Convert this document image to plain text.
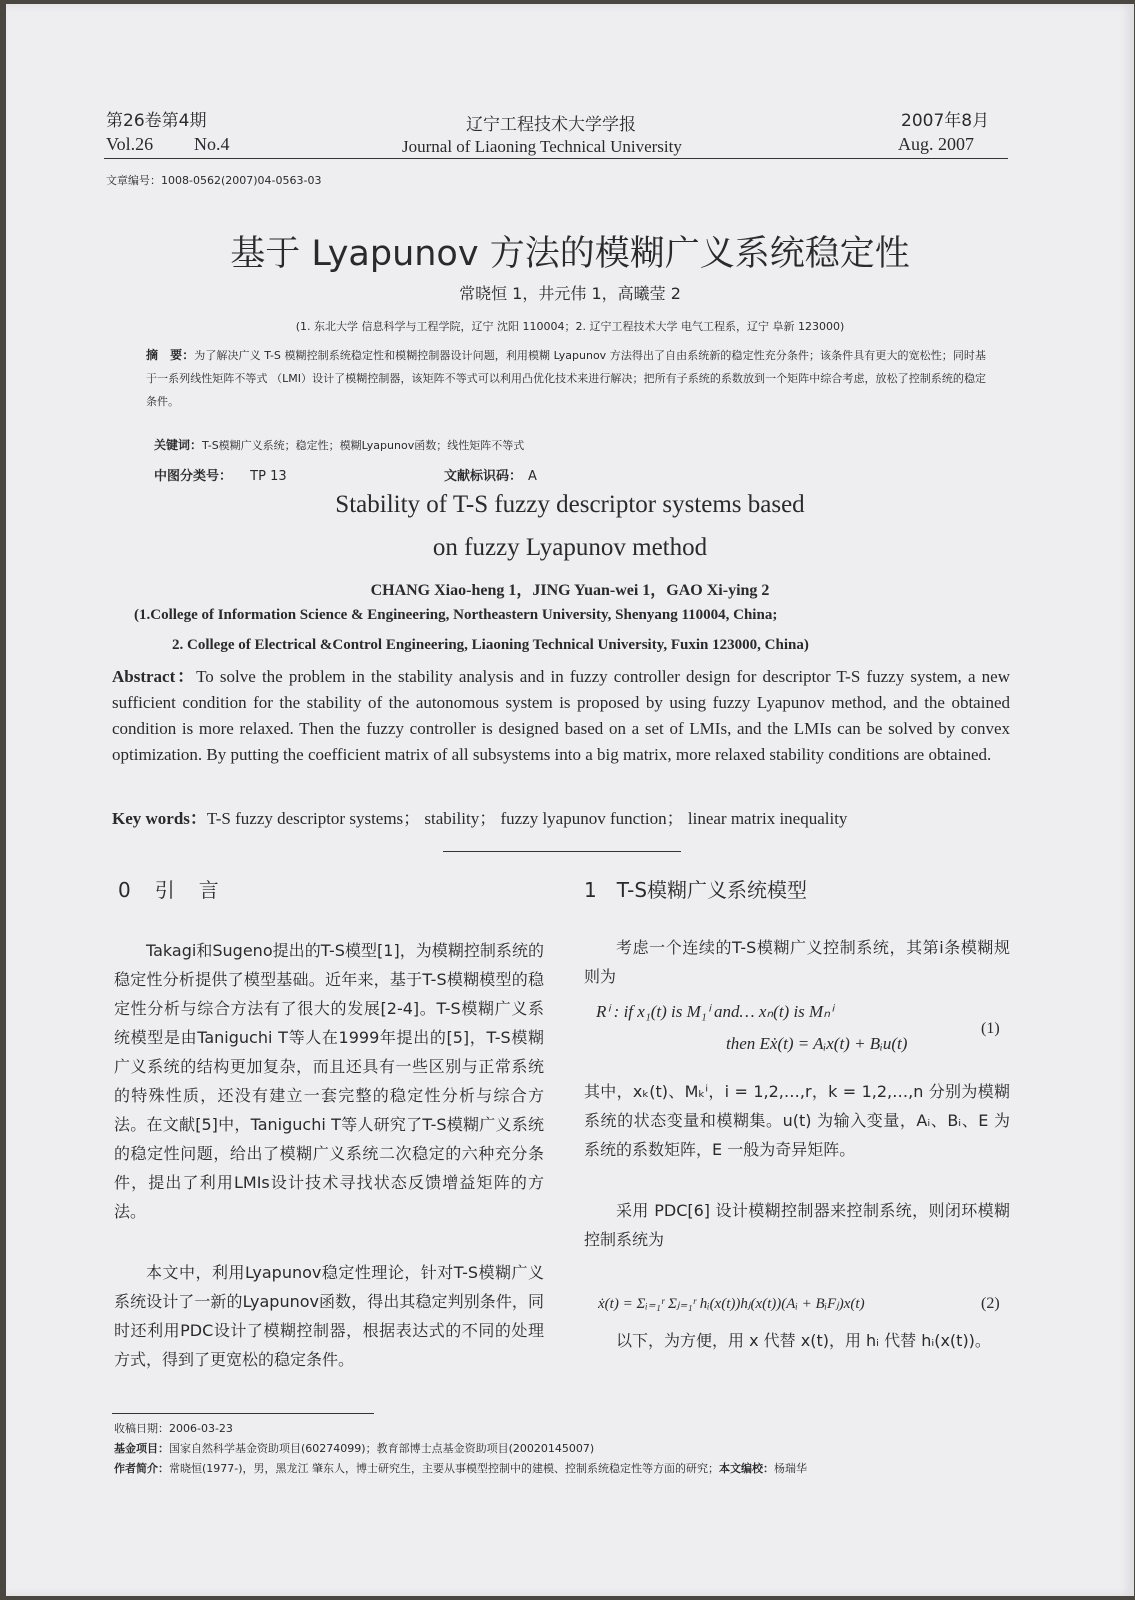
第26卷第4期	辽宁工程技术大学学报	2007年8月
Vol.26 No.4	Journal of Liaoning Technical University	Aug. 2007
文章编号：1008-0562(2007)04-0563-03
基于 Lyapunov 方法的模糊广义系统稳定性
常晓恒 1，井元伟 1，高曦莹 2
(1. 东北大学 信息科学与工程学院，辽宁 沈阳 110004；2. 辽宁工程技术大学 电气工程系，辽宁 阜新 123000)
摘　要：为了解决广义 T-S 模糊控制系统稳定性和模糊控制器设计问题，利用模糊 Lyapunov 方法得出了自由系统新的稳定性充分条件；该条件具有更大的宽松性；同时基于一系列线性矩阵不等式 （LMI）设计了模糊控制器，该矩阵不等式可以利用凸优化技术来进行解决；把所有子系统的系数放到一个矩阵中综合考虑，放松了控制系统的稳定条件。
关键词：T-S模糊广义系统；稳定性；模糊Lyapunov函数；线性矩阵不等式
中图分类号： TP 13	文献标识码： A
Stability of T-S fuzzy descriptor systems based
on fuzzy Lyapunov method
CHANG Xiao-heng 1，JING Yuan-wei 1，GAO Xi-ying 2
(1.College of Information Science & Engineering, Northeastern University, Shenyang 110004, China;
2. College of Electrical &Control Engineering, Liaoning Technical University, Fuxin 123000, China)
Abstract：To solve the problem in the stability analysis and in fuzzy controller design for descriptor T-S fuzzy system, a new sufficient condition for the stability of the autonomous system is proposed by using fuzzy Lyapunov method, and the obtained condition is more relaxed. Then the fuzzy controller is designed based on a set of LMIs, and the LMIs can be solved by convex optimization. By putting the coefficient matrix of all subsystems into a big matrix, more relaxed stability conditions are obtained.
Key words：T-S fuzzy descriptor systems； stability； fuzzy lyapunov function； linear matrix inequality
0　引　言
Takagi和Sugeno提出的T-S模型[1]，为模糊控制系统的稳定性分析提供了模型基础。近年来，基于T-S模糊模型的稳定性分析与综合方法有了很大的发展[2-4]。T-S模糊广义系统模型是由Taniguchi T等人在1999年提出的[5]，T-S模糊广义系统的结构更加复杂，而且还具有一些区别与正常系统的特殊性质，还没有建立一套完整的稳定性分析与综合方法。在文献[5]中，Taniguchi T等人研究了T-S模糊广义系统的稳定性问题，给出了模糊广义系统二次稳定的六种充分条件，提出了利用LMIs设计技术寻找状态反馈增益矩阵的方法。
本文中，利用Lyapunov稳定性理论，针对T-S模糊广义系统设计了一新的Lyapunov函数，得出其稳定判别条件，同时还利用PDC设计了模糊控制器，根据表达式的不同的处理方式，得到了更宽松的稳定条件。
1　T-S模糊广义系统模型
考虑一个连续的T-S模糊广义控制系统，其第i条模糊规则为
Rⁱ : if x₁(t) is M₁ⁱ and… xₙ(t) is Mₙⁱ
then Eẋ(t) = Aᵢx(t) + Bᵢu(t)
(1)
其中，xₖ(t)、Mₖⁱ，i = 1,2,…,r，k = 1,2,…,n 分别为模糊系统的状态变量和模糊集。u(t) 为输入变量，Aᵢ、Bᵢ、E 为系统的系数矩阵，E 一般为奇异矩阵。
采用 PDC[6] 设计模糊控制器来控制系统，则闭环模糊控制系统为
ẋ(t) = Σᵢ₌₁ʳ Σⱼ₌₁ʳ hᵢ(x(t))hⱼ(x(t))(Aᵢ + BᵢFⱼ)x(t)	(2)
以下，为方便，用 x 代替 x(t)，用 hᵢ 代替 hᵢ(x(t))。
收稿日期：2006-03-23
基金项目：国家自然科学基金资助项目(60274099)；教育部博士点基金资助项目(20020145007)
作者简介：常晓恒(1977-)，男，黑龙江 肇东人，博士研究生，主要从事模型控制中的建模、控制系统稳定性等方面的研究；本文编校：杨瑞华
